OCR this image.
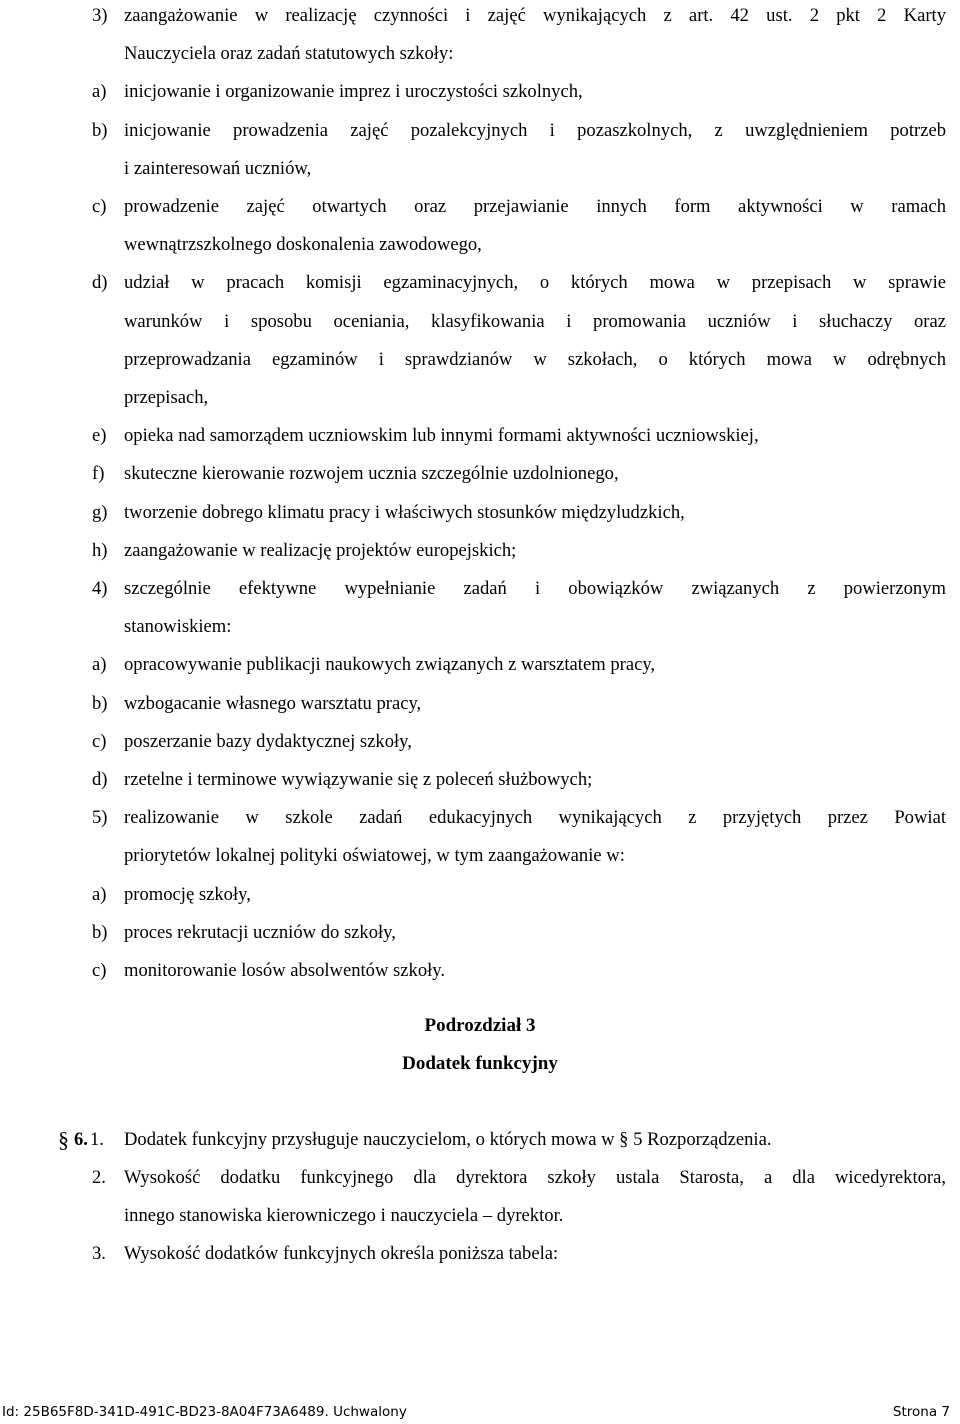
3) zaangażowanie w realizację czynności i zajęć wynikających z art. 42 ust. 2 pkt 2 Karty
Nauczyciela oraz zadań statutowych szkoły:
a) inicjowanie i organizowanie imprez i uroczystości szkolnych,
b) inicjowanie prowadzenia zajęć pozalekcyjnych i pozaszkolnych, z uwzględnieniem potrzeb
i zainteresowań uczniów,
c) prowadzenie zajęć otwartych oraz przejawianie innych form aktywności w ramach
wewnątrzszkolnego doskonalenia zawodowego,
d) udział w pracach komisji egzaminacyjnych, o których mowa w przepisach w sprawie
warunków i sposobu oceniania, klasyfikowania i promowania uczniów i słuchaczy oraz
przeprowadzania egzaminów i sprawdzianów w szkołach, o których mowa w odrębnych
przepisach,
e) opieka nad samorządem uczniowskim lub innymi formami aktywności uczniowskiej,
f) skuteczne kierowanie rozwojem ucznia szczególnie uzdolnionego,
g) tworzenie dobrego klimatu pracy i właściwych stosunków międzyludzkich,
h) zaangażowanie w realizację projektów europejskich;
4) szczególnie efektywne wypełnianie zadań i obowiązków związanych z powierzonym
stanowiskiem:
a) opracowywanie publikacji naukowych związanych z warsztatem pracy,
b) wzbogacanie własnego warsztatu pracy,
c) poszerzanie bazy dydaktycznej szkoły,
d) rzetelne i terminowe wywiązywanie się z poleceń służbowych;
5) realizowanie w szkole zadań edukacyjnych wynikających z przyjętych przez Powiat
priorytetów lokalnej polityki oświatowej, w tym zaangażowanie w:
a) promocję szkoły,
b) proces rekrutacji uczniów do szkoły,
c) monitorowanie losów absolwentów szkoły.
Podrozdział 3
Dodatek funkcyjny
§ 6. 1. Dodatek funkcyjny przysługuje nauczycielom, o których mowa w § 5 Rozporządzenia.
2. Wysokość dodatku funkcyjnego dla dyrektora szkoły ustala Starosta, a dla wicedyrektora,
innego stanowiska kierowniczego i nauczyciela – dyrektor.
3. Wysokość dodatków funkcyjnych określa poniższa tabela:
Id: 25B65F8D-341D-491C-BD23-8A04F73A6489. Uchwalony	Strona 7
